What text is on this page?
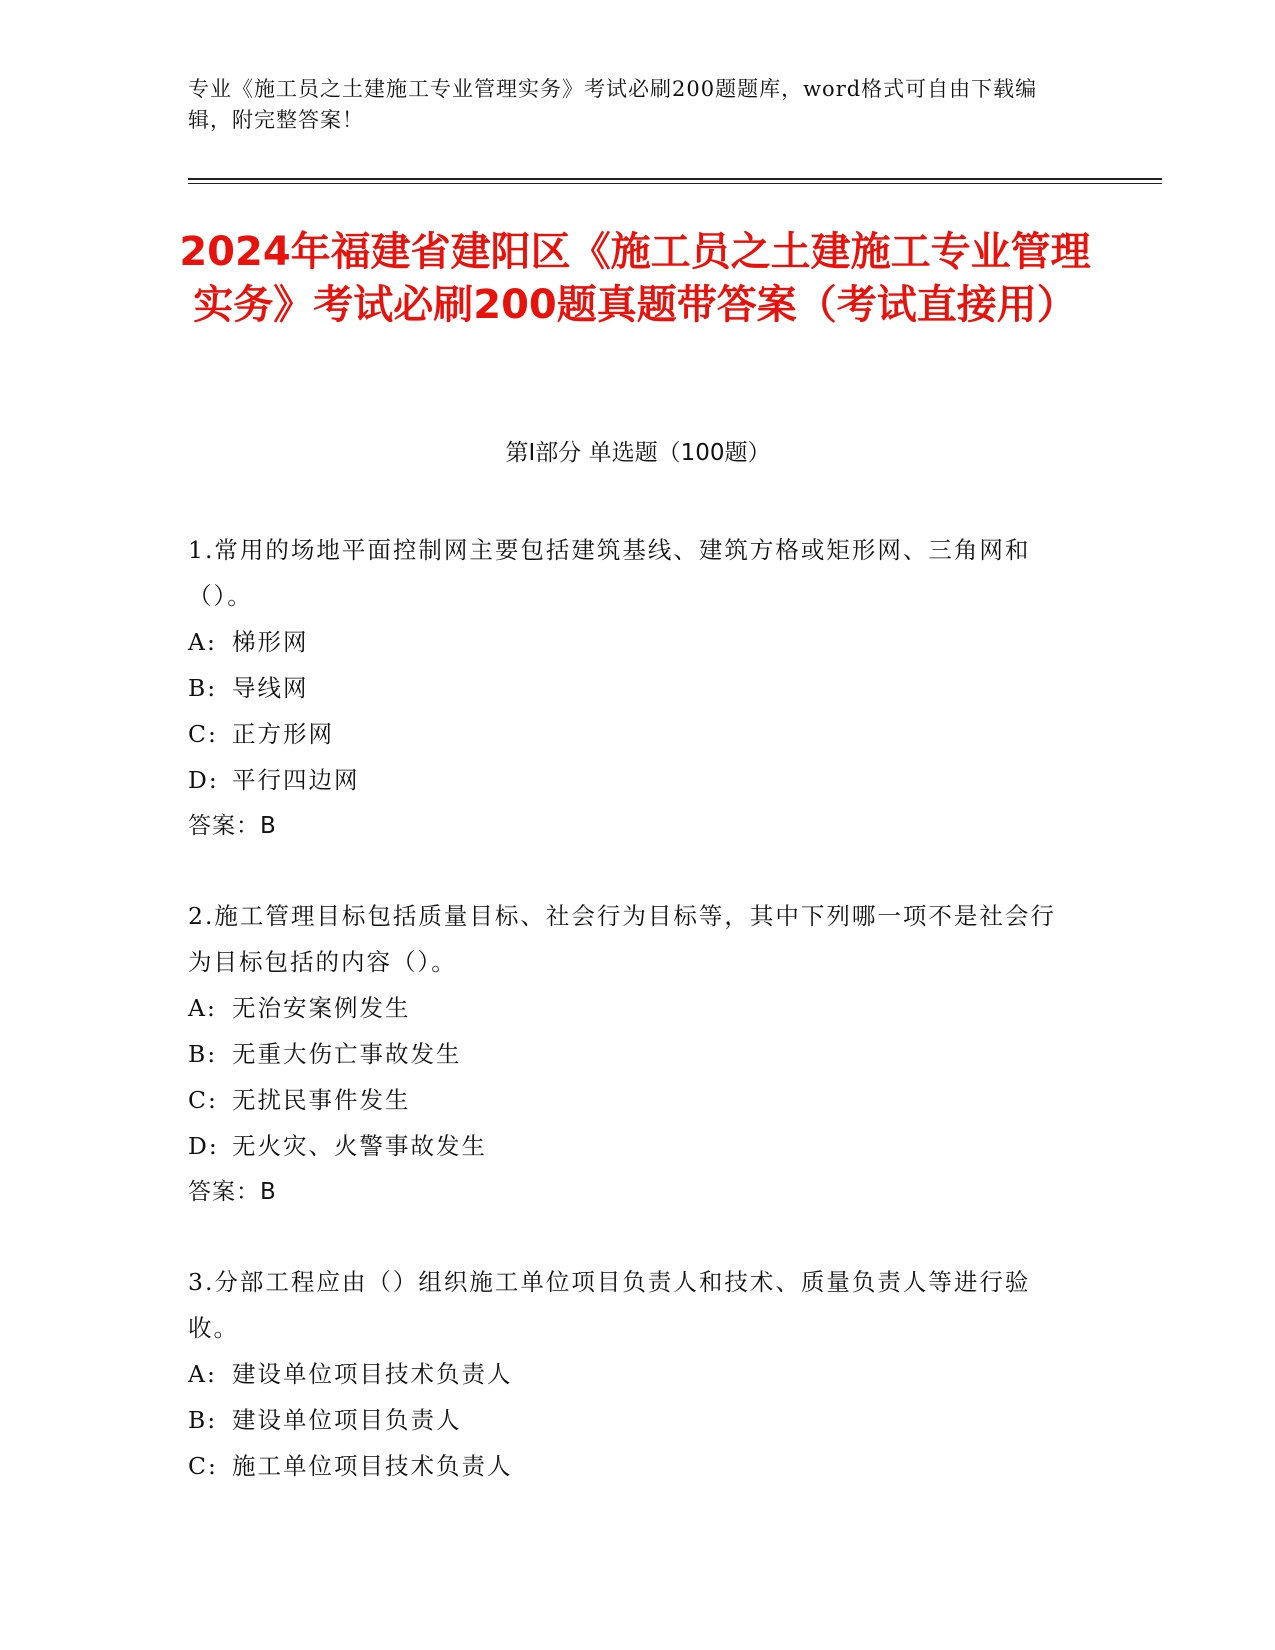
专业《施工员之土建施工专业管理实务》考试必刷200题题库，word格式可自由下载编辑，附完整答案！
2024年福建省建阳区《施工员之土建施工专业管理实务》考试必刷200题真题带答案（考试直接用）
第Ⅰ部分 单选题（100题）
1.常用的场地平面控制网主要包括建筑基线、建筑方格或矩形网、三角网和（）。
A: 梯形网
B: 导线网
C: 正方形网
D: 平行四边网
答案：B
2.施工管理目标包括质量目标、社会行为目标等，其中下列哪一项不是社会行为目标包括的内容（）。
A: 无治安案例发生
B: 无重大伤亡事故发生
C: 无扰民事件发生
D: 无火灾、火警事故发生
答案：B
3.分部工程应由（）组织施工单位项目负责人和技术、质量负责人等进行验收。
A: 建设单位项目技术负责人
B: 建设单位项目负责人
C: 施工单位项目技术负责人
